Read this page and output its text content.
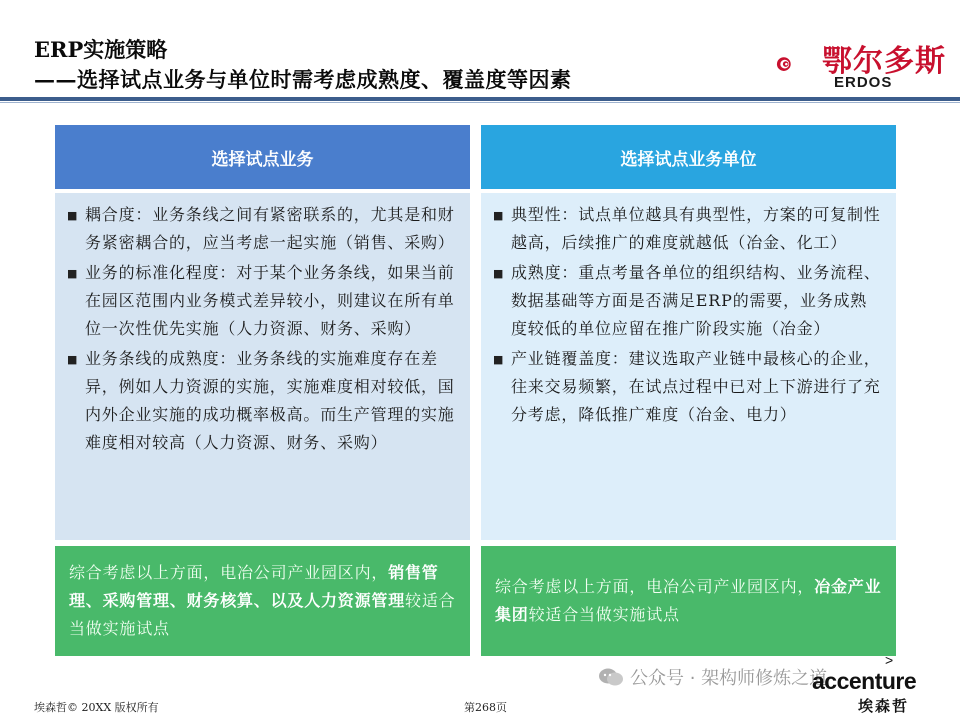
ERP实施策略
——选择试点业务与单位时需考虑成熟度、覆盖度等因素
鄂尔多斯
ERDOS
选择试点业务	选择试点业务单位
■ 耦合度：业务条线之间有紧密联系的，尤其是和财务紧密耦合的，应当考虑一起实施（销售、采购）
■ 业务的标准化程度：对于某个业务条线，如果当前在园区范围内业务模式差异较小，则建议在所有单位一次性优先实施（人力资源、财务、采购）
■ 业务条线的成熟度：业务条线的实施难度存在差异，例如人力资源的实施，实施难度相对较低，国内外企业实施的成功概率极高。而生产管理的实施难度相对较高（人力资源、财务、采购）
■ 典型性：试点单位越具有典型性，方案的可复制性越高，后续推广的难度就越低（冶金、化工）
■ 成熟度：重点考量各单位的组织结构、业务流程、数据基础等方面是否满足ERP的需要，业务成熟度较低的单位应留在推广阶段实施（冶金）
■ 产业链覆盖度：建议选取产业链中最核心的企业，往来交易频繁，在试点过程中已对上下游进行了充分考虑，降低推广难度（冶金、电力）
综合考虑以上方面，电冶公司产业园区内，销售管理、采购管理、财务核算、以及人力资源管理较适合当做实施试点
综合考虑以上方面，电冶公司产业园区内，冶金产业集团较适合当做实施试点
埃森哲© 20XX 版权所有	第268页
公众号 · 架构师修炼之道
>
accenture
埃森哲
